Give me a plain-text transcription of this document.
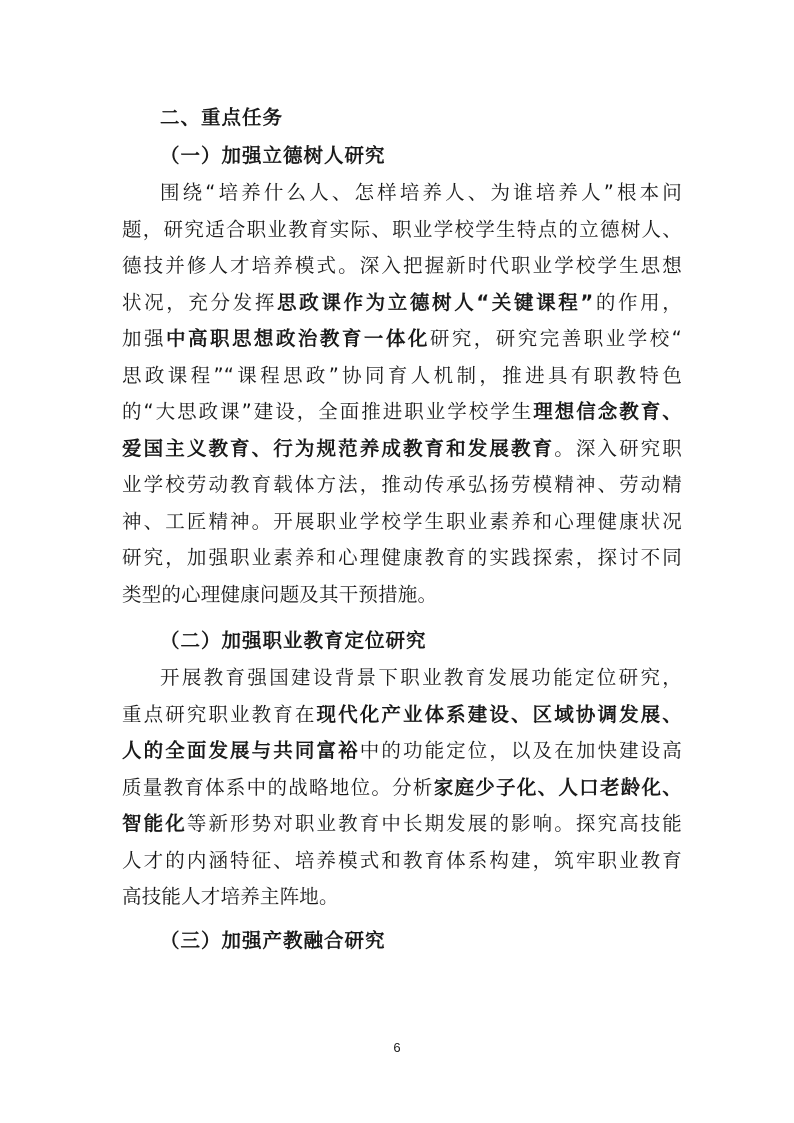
二、重点任务
（一）加强立德树人研究
围绕“培养什么人、怎样培养人、为谁培养人”根本问
题，研究适合职业教育实际、职业学校学生特点的立德树人、
德技并修人才培养模式。深入把握新时代职业学校学生思想
状况，充分发挥思政课作为立德树人“关键课程”的作用，
加强中高职思想政治教育一体化研究，研究完善职业学校“
思政课程”“课程思政”协同育人机制，推进具有职教特色
的“大思政课”建设，全面推进职业学校学生理想信念教育、
爱国主义教育、行为规范养成教育和发展教育。深入研究职
业学校劳动教育载体方法，推动传承弘扬劳模精神、劳动精
神、工匠精神。开展职业学校学生职业素养和心理健康状况
研究，加强职业素养和心理健康教育的实践探索，探讨不同
类型的心理健康问题及其干预措施。
（二）加强职业教育定位研究
开展教育强国建设背景下职业教育发展功能定位研究，
重点研究职业教育在现代化产业体系建设、区域协调发展、
人的全面发展与共同富裕中的功能定位，以及在加快建设高
质量教育体系中的战略地位。分析家庭少子化、人口老龄化、
智能化等新形势对职业教育中长期发展的影响。探究高技能
人才的内涵特征、培养模式和教育体系构建，筑牢职业教育
高技能人才培养主阵地。
（三）加强产教融合研究
6
